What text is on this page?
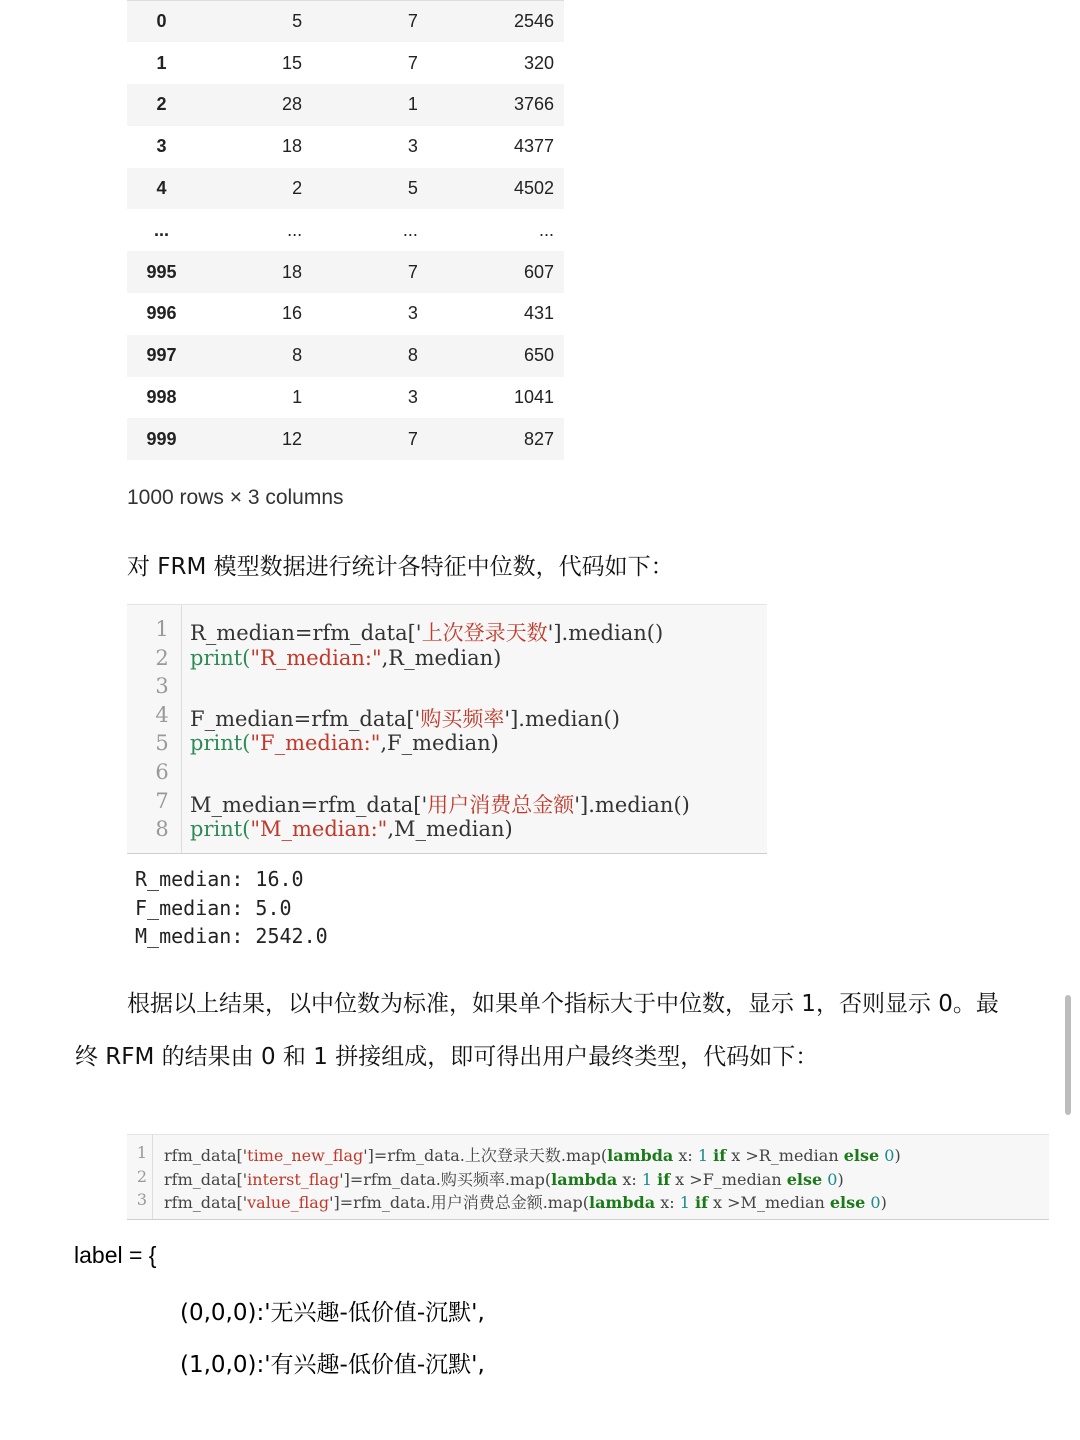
0	5	7	2546
1	15	7	320
2	28	1	3766
3	18	3	4377
4	2	5	4502
...	...	...	...
995	18	7	607
996	16	3	431
997	8	8	650
998	1	3	1041
999	12	7	827
1000 rows × 3 columns
对 FRM 模型数据进行统计各特征中位数，代码如下：
1	R_median=rfm_data['上次登录天数'].median()
2	print("R_median:",R_median)
3
4	F_median=rfm_data['购买频率'].median()
5	print("F_median:",F_median)
6
7	M_median=rfm_data['用户消费总金额'].median()
8	print("M_median:",M_median)
R_median: 16.0
F_median: 5.0
M_median: 2542.0
根据以上结果，以中位数为标准，如果单个指标大于中位数，显示 1，否则显示 0。最终 RFM 的结果由 0 和 1 拼接组成，即可得出用户最终类型，代码如下：
1	rfm_data['time_new_flag']=rfm_data.上次登录天数.map(lambda x: 1 if x >R_median else 0)
2	rfm_data['interst_flag']=rfm_data.购买频率.map(lambda x: 1 if x >F_median else 0)
3	rfm_data['value_flag']=rfm_data.用户消费总金额.map(lambda x: 1 if x >M_median else 0)
label = {
(0,0,0):'无兴趣-低价值-沉默',
(1,0,0):'有兴趣-低价值-沉默',
